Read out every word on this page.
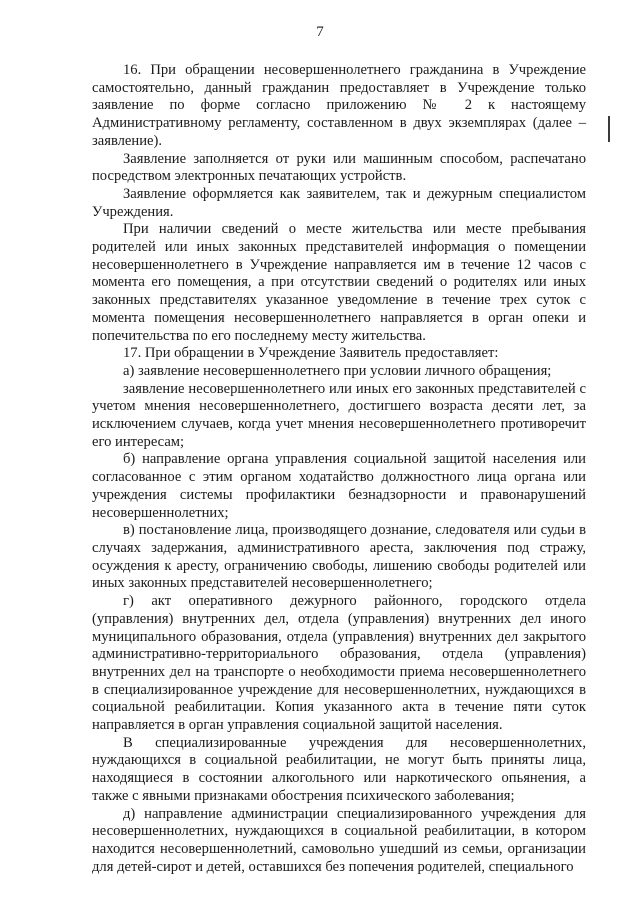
7

16. При обращении несовершеннолетнего гражданина в Учреждение самостоятельно, данный гражданин предоставляет в Учреждение только заявление по форме согласно приложению № 2 к настоящему Административному регламенту, составленном в двух экземплярах (далее – заявление).

Заявление заполняется от руки или машинным способом, распечатано посредством электронных печатающих устройств.

Заявление оформляется как заявителем, так и дежурным специалистом Учреждения.

При наличии сведений о месте жительства или месте пребывания родителей или иных законных представителей информация о помещении несовершеннолетнего в Учреждение направляется им в течение 12 часов с момента его помещения, а при отсутствии сведений о родителях или иных законных представителях указанное уведомление в течение трех суток с момента помещения несовершеннолетнего направляется в орган опеки и попечительства по его последнему месту жительства.

17. При обращении в Учреждение Заявитель предоставляет:

а) заявление несовершеннолетнего при условии личного обращения;

заявление несовершеннолетнего или иных его законных представителей с учетом мнения несовершеннолетнего, достигшего возраста десяти лет, за исключением случаев, когда учет мнения несовершеннолетнего противоречит его интересам;

б) направление органа управления социальной защитой населения или согласованное с этим органом ходатайство должностного лица органа или учреждения системы профилактики безнадзорности и правонарушений несовершеннолетних;

в) постановление лица, производящего дознание, следователя или судьи в случаях задержания, административного ареста, заключения под стражу, осуждения к аресту, ограничению свободы, лишению свободы родителей или иных законных представителей несовершеннолетнего;

г) акт оперативного дежурного районного, городского отдела (управления) внутренних дел, отдела (управления) внутренних дел иного муниципального образования, отдела (управления) внутренних дел закрытого административно-территориального образования, отдела (управления) внутренних дел на транспорте о необходимости приема несовершеннолетнего в специализированное учреждение для несовершеннолетних, нуждающихся в социальной реабилитации. Копия указанного акта в течение пяти суток направляется в орган управления социальной защитой населения.

В специализированные учреждения для несовершеннолетних, нуждающихся в социальной реабилитации, не могут быть приняты лица, находящиеся в состоянии алкогольного или наркотического опьянения, а также с явными признаками обострения психического заболевания;

д) направление администрации специализированного учреждения для несовершеннолетних, нуждающихся в социальной реабилитации, в котором находится несовершеннолетний, самовольно ушедший из семьи, организации для детей-сирот и детей, оставшихся без попечения родителей, специального
